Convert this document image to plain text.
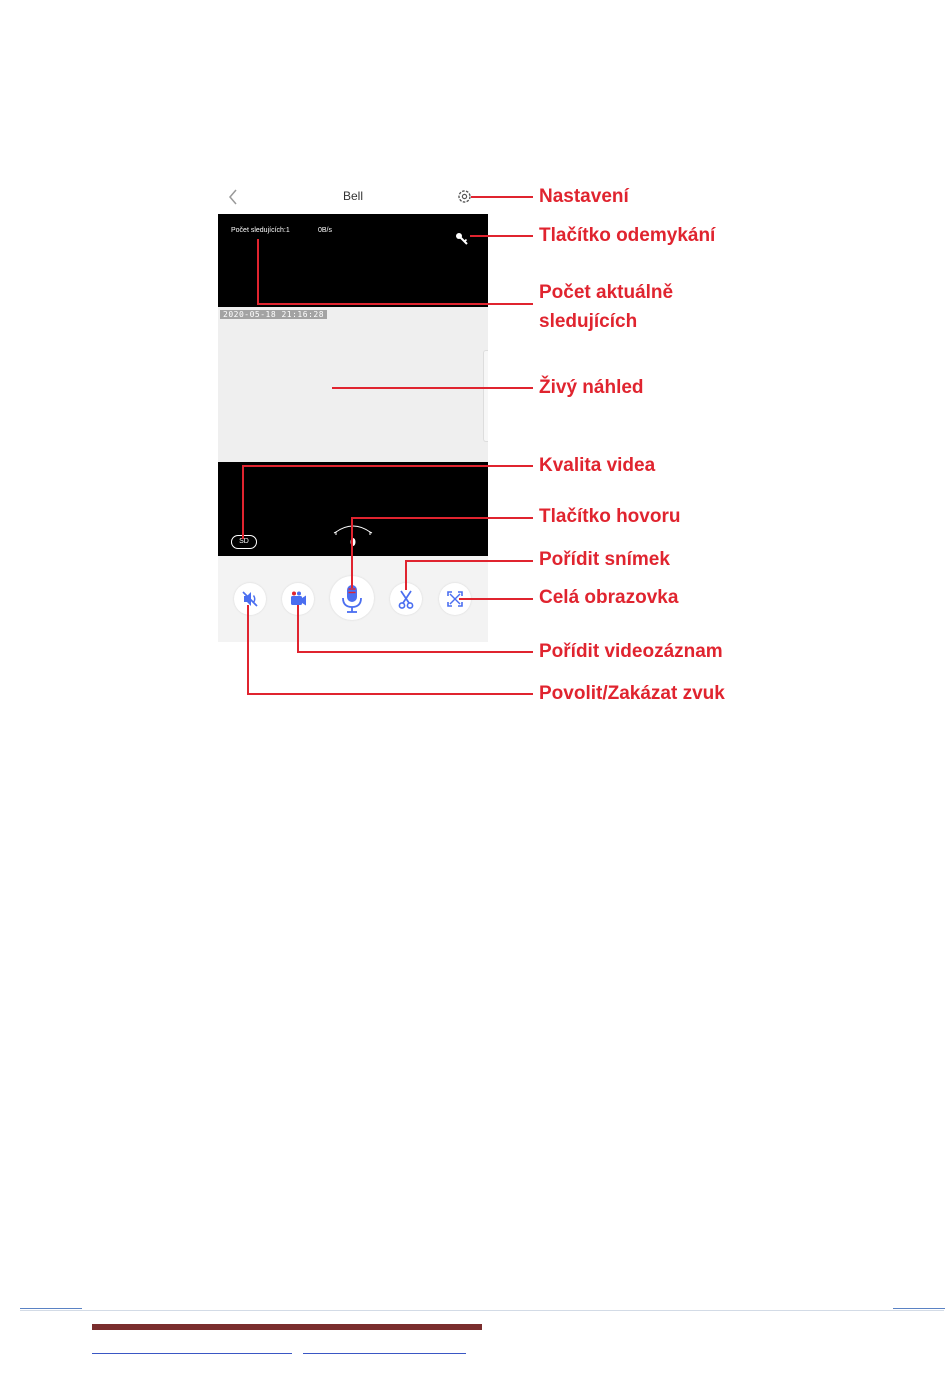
Bell
Počet sledujících:1	0B/s
2020-05-18 21:16:28
SD
Nastavení
Tlačítko odemykání
Počet aktuálně
sledujících
Živý náhled
Kvalita videa
Tlačítko hovoru
Pořídit snímek
Celá obrazovka
Pořídit videozáznam
Povolit/Zakázat zvuk
